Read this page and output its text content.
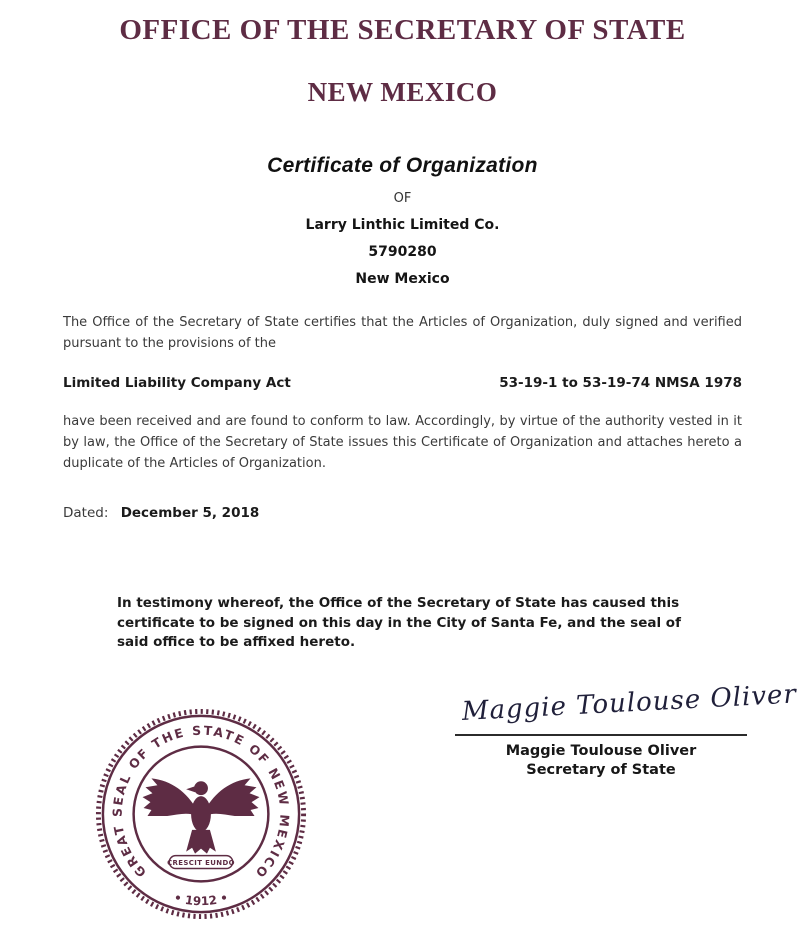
OFFICE OF THE SECRETARY OF STATE
NEW MEXICO
Certificate of Organization
OF
Larry Linthic Limited Co.
5790280
New Mexico

The Office of the Secretary of State certifies that the Articles of Organization, duly signed and verified pursuant to the provisions of the

Limited Liability Company Act	53-19-1 to 53-19-74 NMSA 1978

have been received and are found to conform to law. Accordingly, by virtue of the authority vested in it by law, the Office of the Secretary of State issues this Certificate of Organization and attaches hereto a duplicate of the Articles of Organization.

Dated: December 5, 2018

In testimony whereof, the Office of the Secretary of State has caused this certificate to be signed on this day in the City of Santa Fe, and the seal of said office to be affixed hereto.

GREAT SEAL OF THE STATE OF NEW MEXICO
• 1912 •
CRESCIT EUNDO
Maggie Toulouse Oliver
Maggie Toulouse Oliver
Secretary of State
